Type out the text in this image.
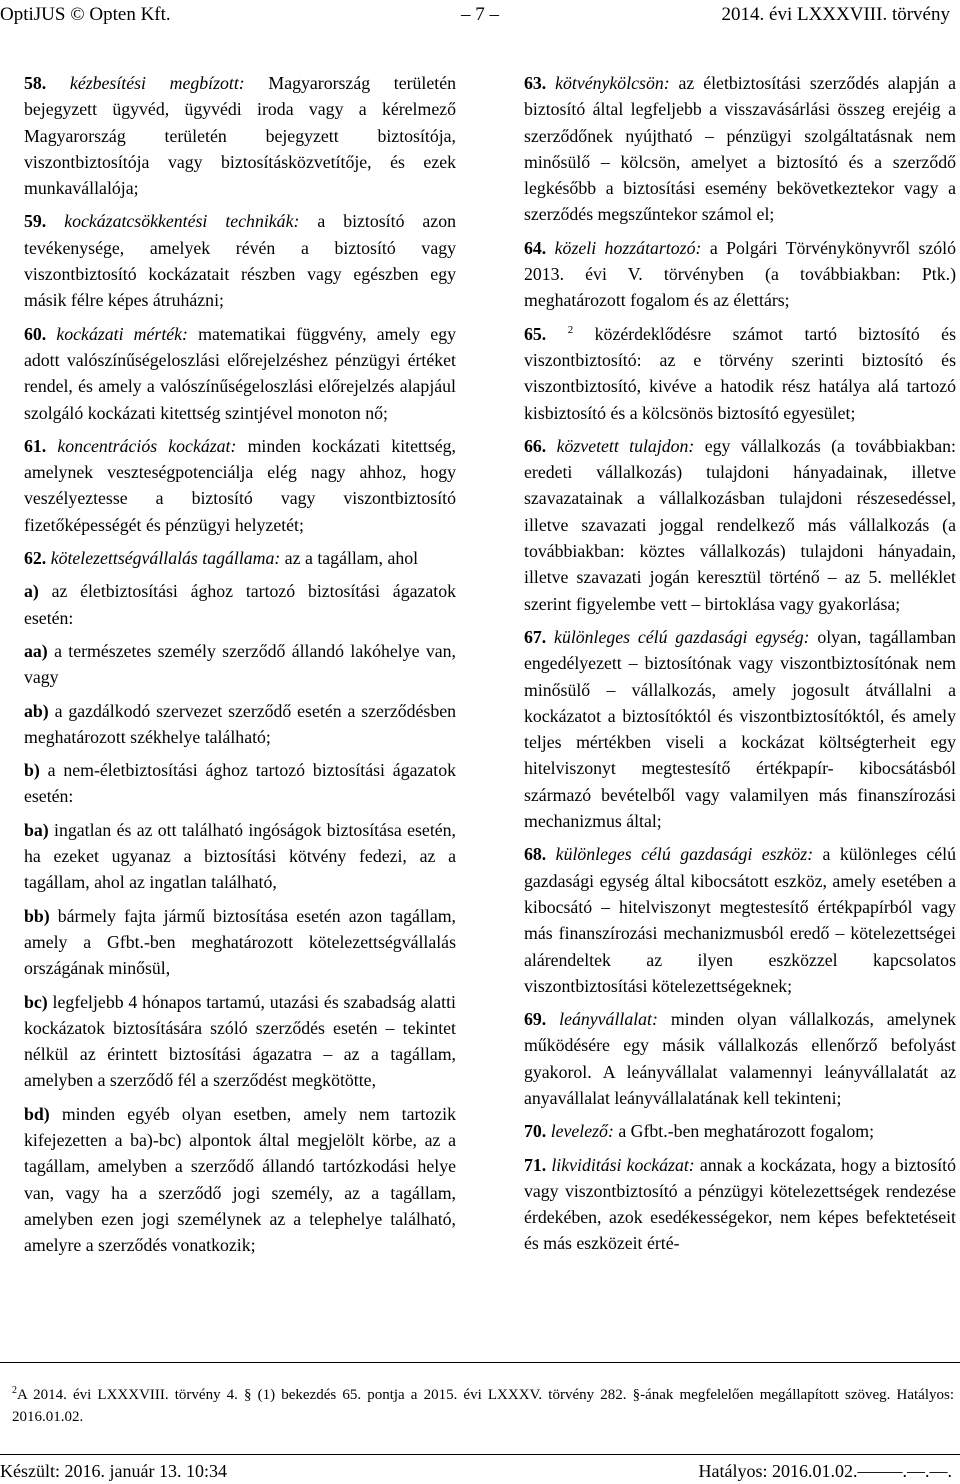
OptiJUS © Opten Kft.	– 7 –	2014. évi LXXXVIII. törvény

58. kézbesítési megbízott: Magyarország területén bejegyzett ügyvéd, ügyvédi iroda vagy a kérelmező Magyarország területén bejegyzett biztosítója, viszontbiztosítója vagy biztosításközvetítője, és ezek munkavállalója;

59. kockázatcsökkentési technikák: a biztosító azon tevékenysége, amelyek révén a biztosító vagy viszontbiztosító kockázatait részben vagy egészben egy másik félre képes átruházni;

60. kockázati mérték: matematikai függvény, amely egy adott valószínűségeloszlási előrejelzéshez pénzügyi értéket rendel, és amely a valószínűségeloszlási előrejelzés alapjául szolgáló kockázati kitettség szintjével monoton nő;

61. koncentrációs kockázat: minden kockázati kitettség, amelynek veszteségpotenciálja elég nagy ahhoz, hogy veszélyeztesse a biztosító vagy viszontbiztosító fizetőképességét és pénzügyi helyzetét;

62. kötelezettségvállalás tagállama: az a tagállam, ahol

a) az életbiztosítási ághoz tartozó biztosítási ágazatok esetén:

aa) a természetes személy szerződő állandó lakóhelye van, vagy

ab) a gazdálkodó szervezet szerződő esetén a szerződésben meghatározott székhelye található;

b) a nem-életbiztosítási ághoz tartozó biztosítási ágazatok esetén:

ba) ingatlan és az ott található ingóságok biztosítása esetén, ha ezeket ugyanaz a biztosítási kötvény fedezi, az a tagállam, ahol az ingatlan található,

bb) bármely fajta jármű biztosítása esetén azon tagállam, amely a Gfbt.-ben meghatározott kötelezettségvállalás országának minősül,

bc) legfeljebb 4 hónapos tartamú, utazási és szabadság alatti kockázatok biztosítására szóló szerződés esetén – tekintet nélkül az érintett biztosítási ágazatra – az a tagállam, amelyben a szerződő fél a szerződést megkötötte,

bd) minden egyéb olyan esetben, amely nem tartozik kifejezetten a ba)-bc) alpontok által megjelölt körbe, az a tagállam, amelyben a szerződő állandó tartózkodási helye van, vagy ha a szerződő jogi személy, az a tagállam, amelyben ezen jogi személynek az a telephelye található, amelyre a szerződés vonatkozik;

63. kötvénykölcsön: az életbiztosítási szerződés alapján a biztosító által legfeljebb a visszavásárlási összeg erejéig a szerződőnek nyújtható – pénzügyi szolgáltatásnak nem minősülő – kölcsön, amelyet a biztosító és a szerződő legkésőbb a biztosítási esemény bekövetkeztekor vagy a szerződés megszűntekor számol el;

64. közeli hozzátartozó: a Polgári Törvénykönyvről szóló 2013. évi V. törvényben (a továbbiakban: Ptk.) meghatározott fogalom és az élettárs;

65. $^2$ közérdeklődésre számot tartó biztosító és viszontbiztosító: az e törvény szerinti biztosító és viszontbiztosító, kivéve a hatodik rész hatálya alá tartozó kisbiztosító és a kölcsönös biztosító egyesület;

66. közvetett tulajdon: egy vállalkozás (a továbbiakban: eredeti vállalkozás) tulajdoni hányadainak, illetve szavazatainak a vállalkozásban tulajdoni részesedéssel, illetve szavazati joggal rendelkező más vállalkozás (a továbbiakban: köztes vállalkozás) tulajdoni hányadain, illetve szavazati jogán keresztül történő – az 5. melléklet szerint figyelembe vett – birtoklása vagy gyakorlása;

67. különleges célú gazdasági egység: olyan, tagállamban engedélyezett – biztosítónak vagy viszontbiztosítónak nem minősülő – vállalkozás, amely jogosult átvállalni a kockázatot a biztosítóktól és viszontbiztosítóktól, és amely teljes mértékben viseli a kockázat költségterheit egy hitelviszonyt megtestesítő értékpapír- kibocsátásból származó bevételből vagy valamilyen más finanszírozási mechanizmus által;

68. különleges célú gazdasági eszköz: a különleges célú gazdasági egység által kibocsátott eszköz, amely esetében a kibocsátó – hitelviszonyt megtestesítő értékpapírból vagy más finanszírozási mechanizmusból eredő – kötelezettségei alárendeltek az ilyen eszközzel kapcsolatos viszontbiztosítási kötelezettségeknek;

69. leányvállalat: minden olyan vállalkozás, amelynek működésére egy másik vállalkozás ellenőrző befolyást gyakorol. A leányvállalat valamennyi leányvállalatát az anyavállalat leányvállalatának kell tekinteni;

70. levelező: a Gfbt.-ben meghatározott fogalom;

71. likviditási kockázat: annak a kockázata, hogy a biztosító vagy viszontbiztosító a pénzügyi kötelezettségek rendezése érdekében, azok esedékességekor, nem képes befektetéseit és más eszközeit érté-

$^2$A 2014. évi LXXXVIII. törvény 4. § (1) bekezdés 65. pontja a 2015. évi LXXXV. törvény 282. §-ának megfelelően megállapított szöveg. Hatályos: 2016.01.02.
Készült: 2016. január 13. 10:34	Hatályos: 2016.01.02.–––––.––.––.
